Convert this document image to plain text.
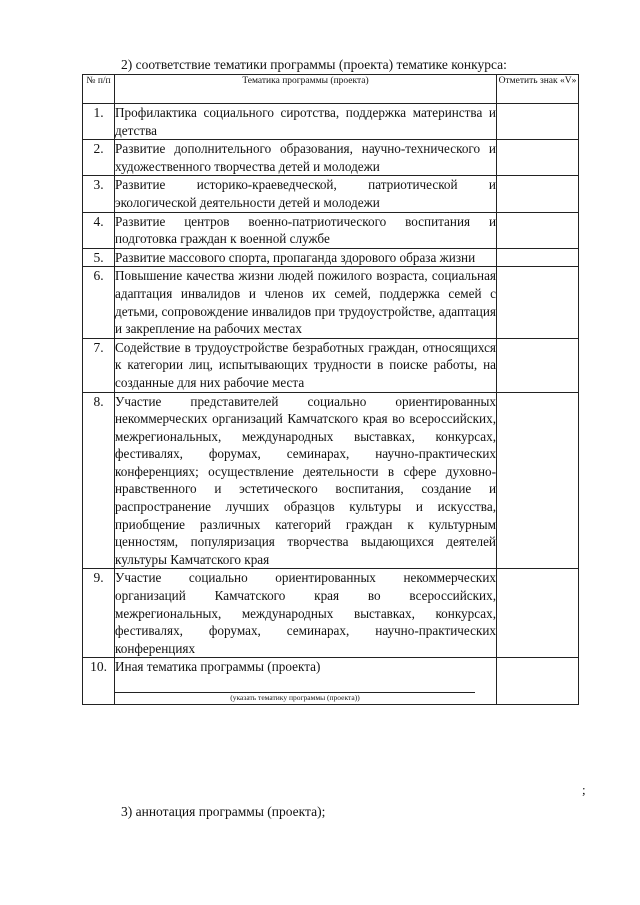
2) соответствие тематики программы (проекта) тематике конкурса:
№ п/п	Тематика программы (проекта)	Отметить знак «V»
1.	Профилактика социального сиротства, поддержка материнства и детства	
2.	Развитие дополнительного образования, научно-технического и художественного творчества детей и молодежи	
3.	Развитие историко-краеведческой, патриотической и экологической деятельности детей и молодежи	
4.	Развитие центров военно-патриотического воспитания и подготовка граждан к военной службе	
5.	Развитие массового спорта, пропаганда здорового образа жизни	
6.	Повышение качества жизни людей пожилого возраста, социальная адаптация инвалидов и членов их семей, поддержка семей с детьми, сопровождение инвалидов при трудоустройстве, адаптация и закрепление на рабочих местах	
7.	Содействие в трудоустройстве безработных граждан, относящихся к категории лиц, испытывающих трудности в поиске работы, на созданные для них рабочие места	
8.	Участие представителей социально ориентированных некоммерческих организаций Камчатского края во всероссийских, межрегиональных, международных выставках, конкурсах, фестивалях, форумах, семинарах, научно-практических конференциях; осуществление деятельности в сфере духовно-нравственного и эстетического воспитания, создание и распространение лучших образцов культуры и искусства, приобщение различных категорий граждан к культурным ценностям, популяризация творчества выдающихся деятелей культуры Камчатского края	
9.	Участие социально ориентированных некоммерческих организаций Камчатского края во всероссийских, межрегиональных, международных выставках, конкурсах, фестивалях, форумах, семинарах, научно-практических конференциях	
10.	Иная тематика программы (проекта)
(указать тематику программы (проекта))	

;
3) аннотация программы (проекта);
